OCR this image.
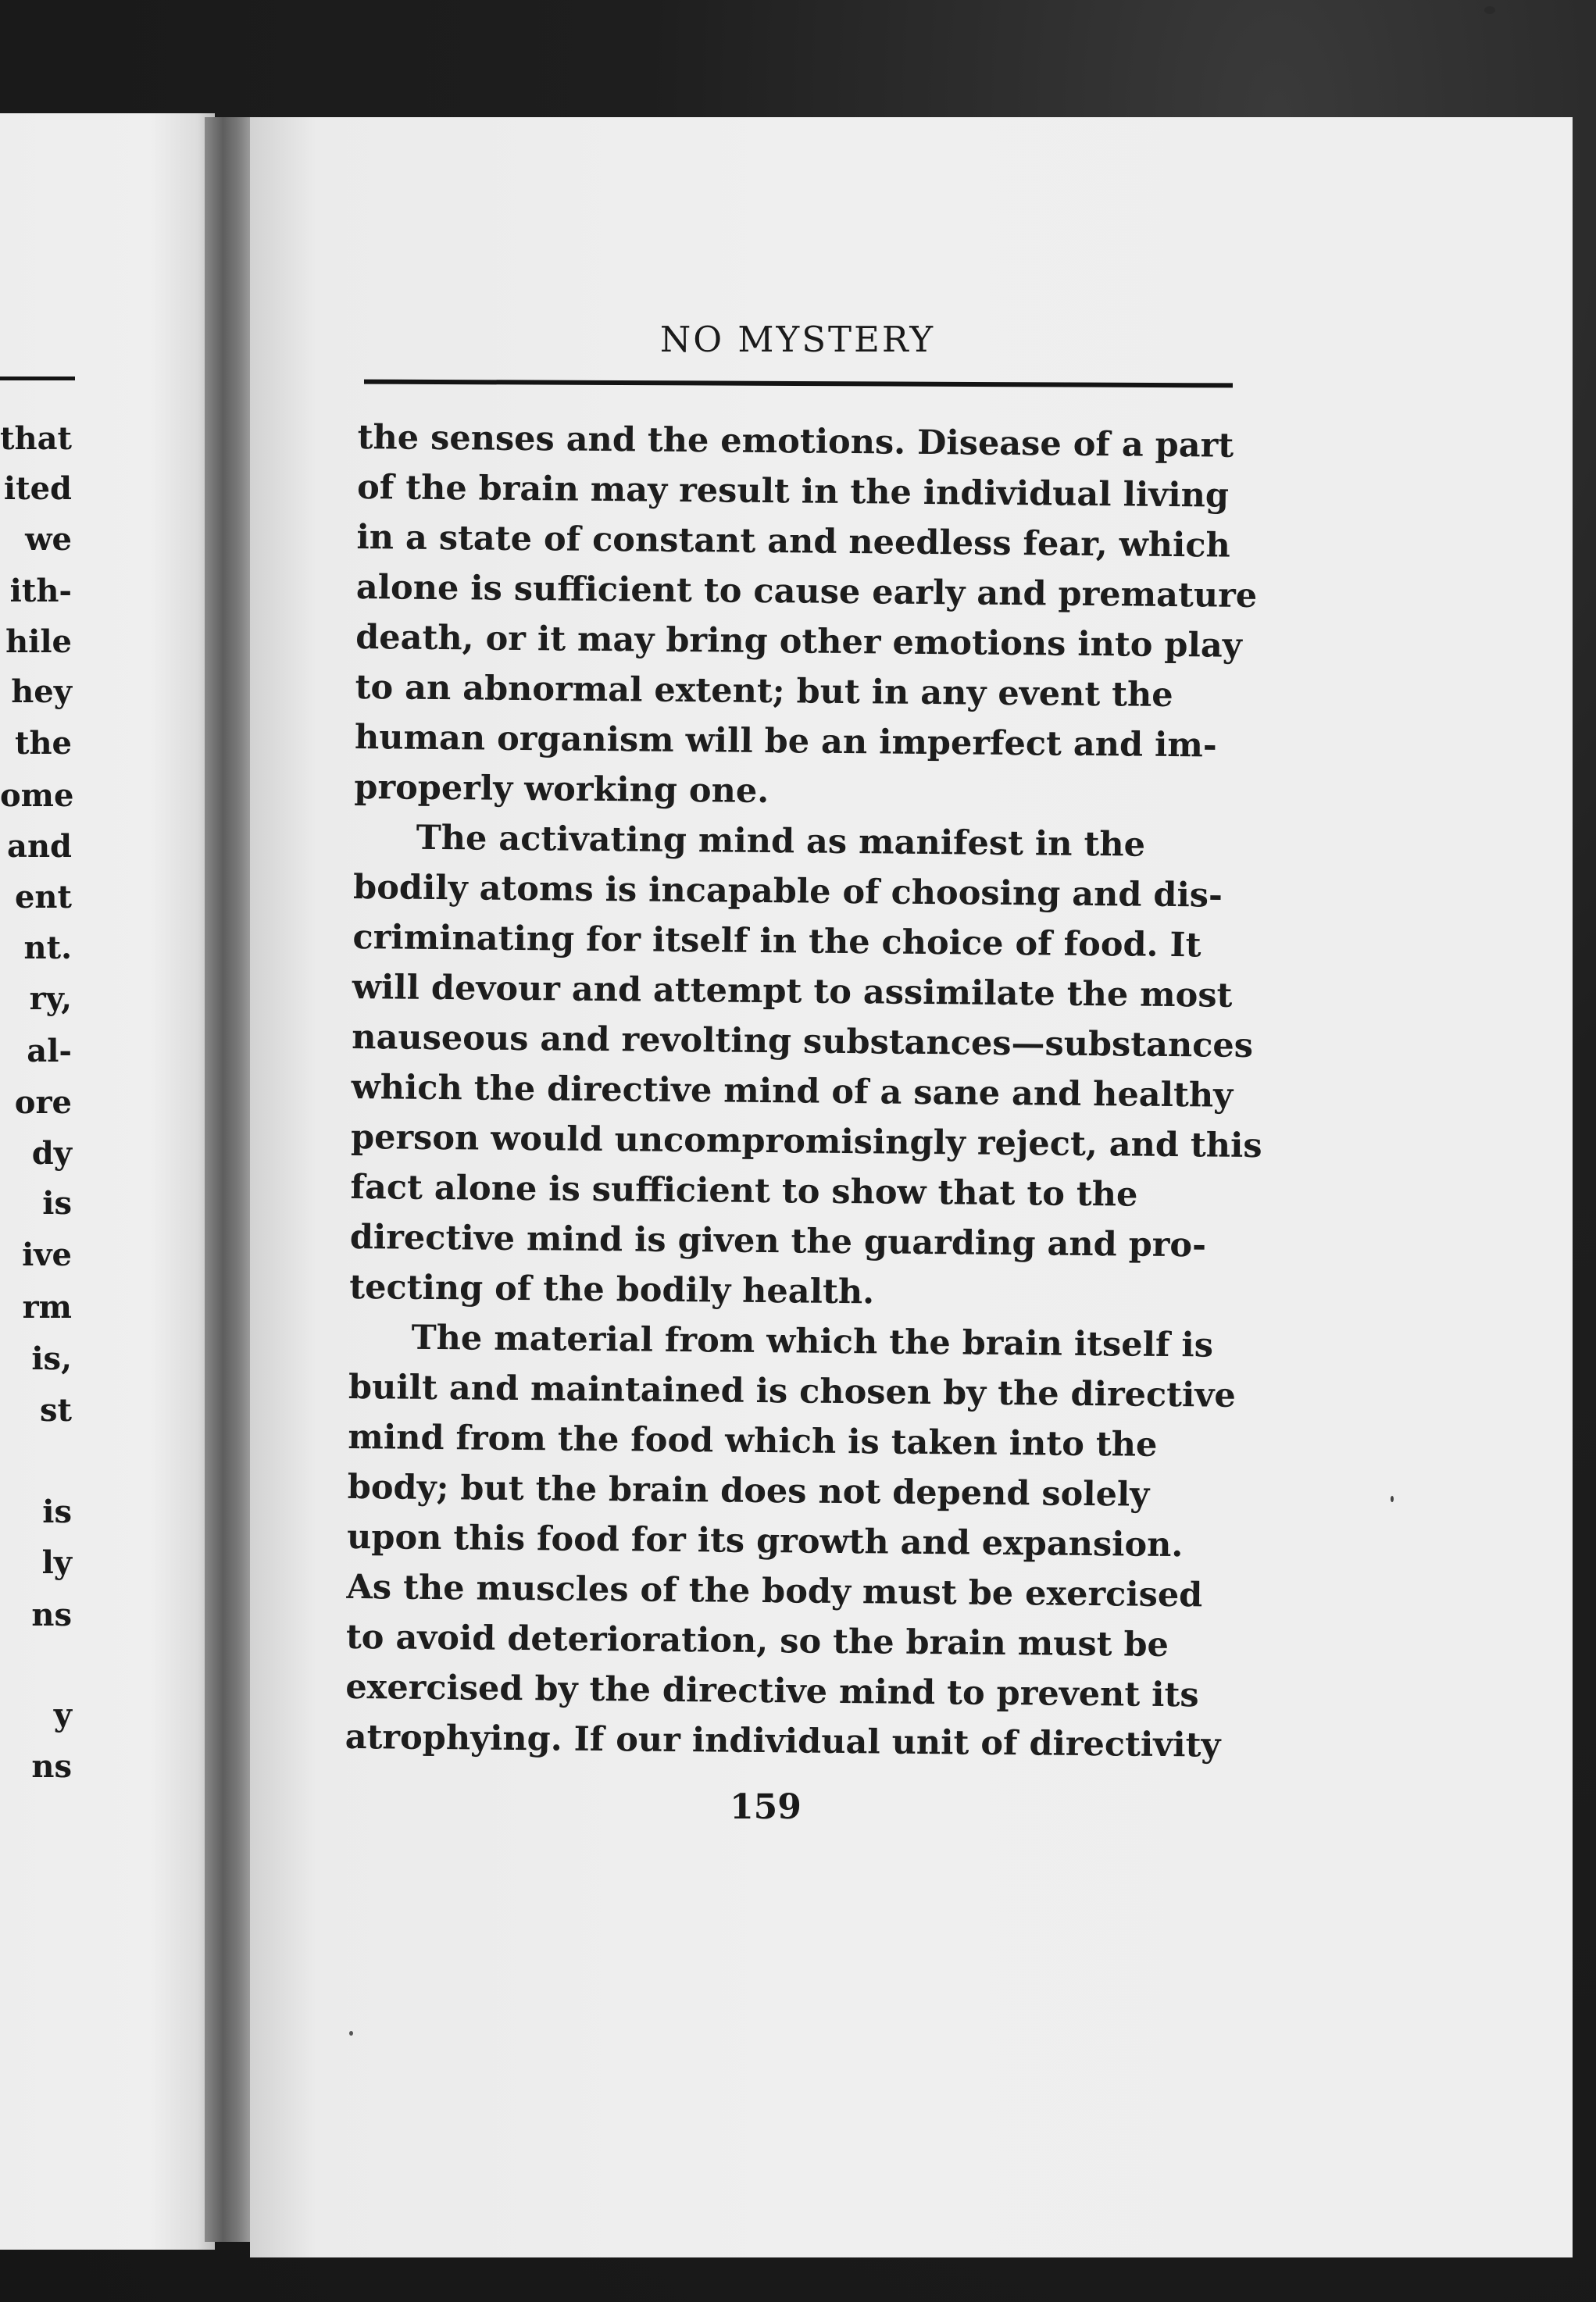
that

ited

we

ith-

hile

hey

the

ome

and

ent

nt.

ry,

al-

ore

dy

is

ive

rm

is,

st

is

ly

ns

y

ns

NO MYSTERY
the senses and the emotions. Disease of a part
of the brain may result in the individual living
in a state of constant and needless fear, which
alone is sufficient to cause early and premature
death, or it may bring other emotions into play
to an abnormal extent; but in any event the
human organism will be an imperfect and im-
properly working one.
The activating mind as manifest in the
bodily atoms is incapable of choosing and dis-
criminating for itself in the choice of food. It
will devour and attempt to assimilate the most
nauseous and revolting substances—substances
which the directive mind of a sane and healthy
person would uncompromisingly reject, and this
fact alone is sufficient to show that to the
directive mind is given the guarding and pro-
tecting of the bodily health.
The material from which the brain itself is
built and maintained is chosen by the directive
mind from the food which is taken into the
body; but the brain does not depend solely
upon this food for its growth and expansion.
As the muscles of the body must be exercised
to avoid deterioration, so the brain must be
exercised by the directive mind to prevent its
atrophying. If our individual unit of directivity

159
